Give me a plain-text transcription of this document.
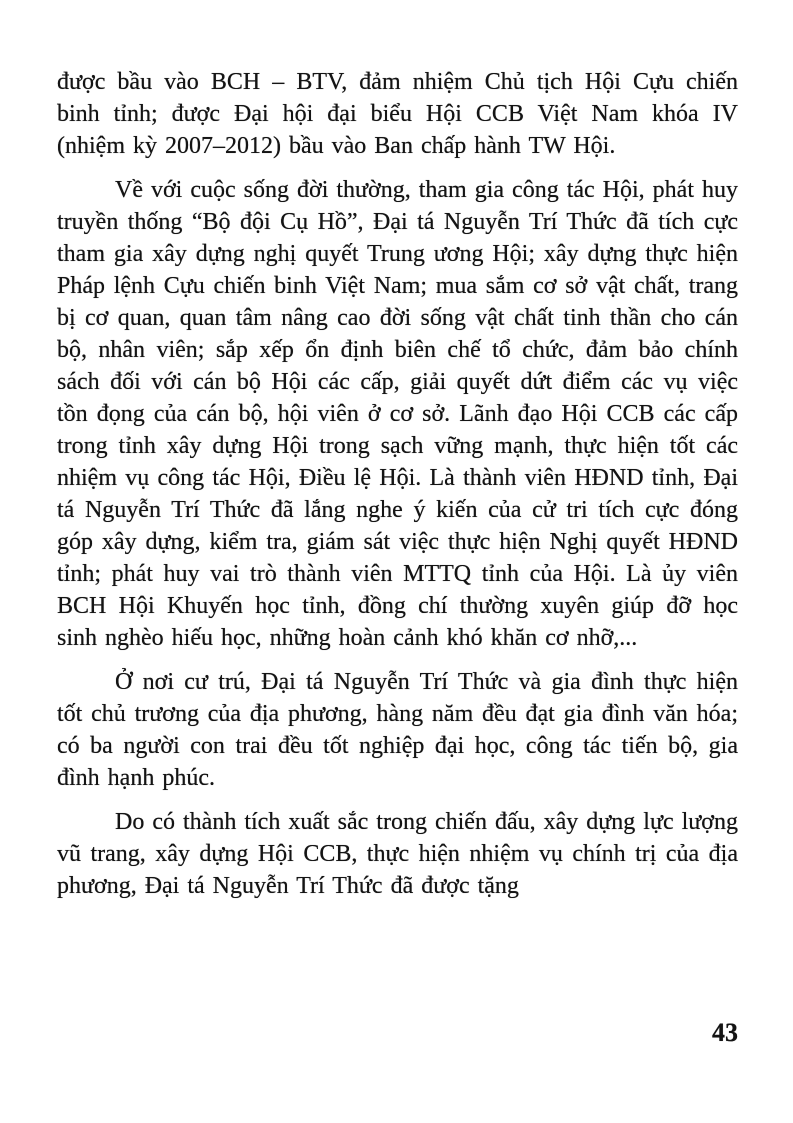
được bầu vào BCH – BTV, đảm nhiệm Chủ tịch Hội Cựu chiến binh tỉnh; được Đại hội đại biểu Hội CCB Việt Nam khóa IV (nhiệm kỳ 2007–2012) bầu vào Ban chấp hành TW Hội.

Về với cuộc sống đời thường, tham gia công tác Hội, phát huy truyền thống “Bộ đội Cụ Hồ”, Đại tá Nguyễn Trí Thức đã tích cực tham gia xây dựng nghị quyết Trung ương Hội; xây dựng thực hiện Pháp lệnh Cựu chiến binh Việt Nam; mua sắm cơ sở vật chất, trang bị cơ quan, quan tâm nâng cao đời sống vật chất tinh thần cho cán bộ, nhân viên; sắp xếp ổn định biên chế tổ chức, đảm bảo chính sách đối với cán bộ Hội các cấp, giải quyết dứt điểm các vụ việc tồn đọng của cán bộ, hội viên ở cơ sở. Lãnh đạo Hội CCB các cấp trong tỉnh xây dựng Hội trong sạch vững mạnh, thực hiện tốt các nhiệm vụ công tác Hội, Điều lệ Hội. Là thành viên HĐND tỉnh, Đại tá Nguyễn Trí Thức đã lắng nghe ý kiến của cử tri tích cực đóng góp xây dựng, kiểm tra, giám sát việc thực hiện Nghị quyết HĐND tỉnh; phát huy vai trò thành viên MTTQ tỉnh của Hội. Là ủy viên BCH Hội Khuyến học tỉnh, đồng chí thường xuyên giúp đỡ học sinh nghèo hiếu học, những hoàn cảnh khó khăn cơ nhỡ,...

Ở nơi cư trú, Đại tá Nguyễn Trí Thức và gia đình thực hiện tốt chủ trương của địa phương, hàng năm đều đạt gia đình văn hóa; có ba người con trai đều tốt nghiệp đại học, công tác tiến bộ, gia đình hạnh phúc.

Do có thành tích xuất sắc trong chiến đấu, xây dựng lực lượng vũ trang, xây dựng Hội CCB, thực hiện nhiệm vụ chính trị của địa phương, Đại tá Nguyễn Trí Thức đã được tặng

43
